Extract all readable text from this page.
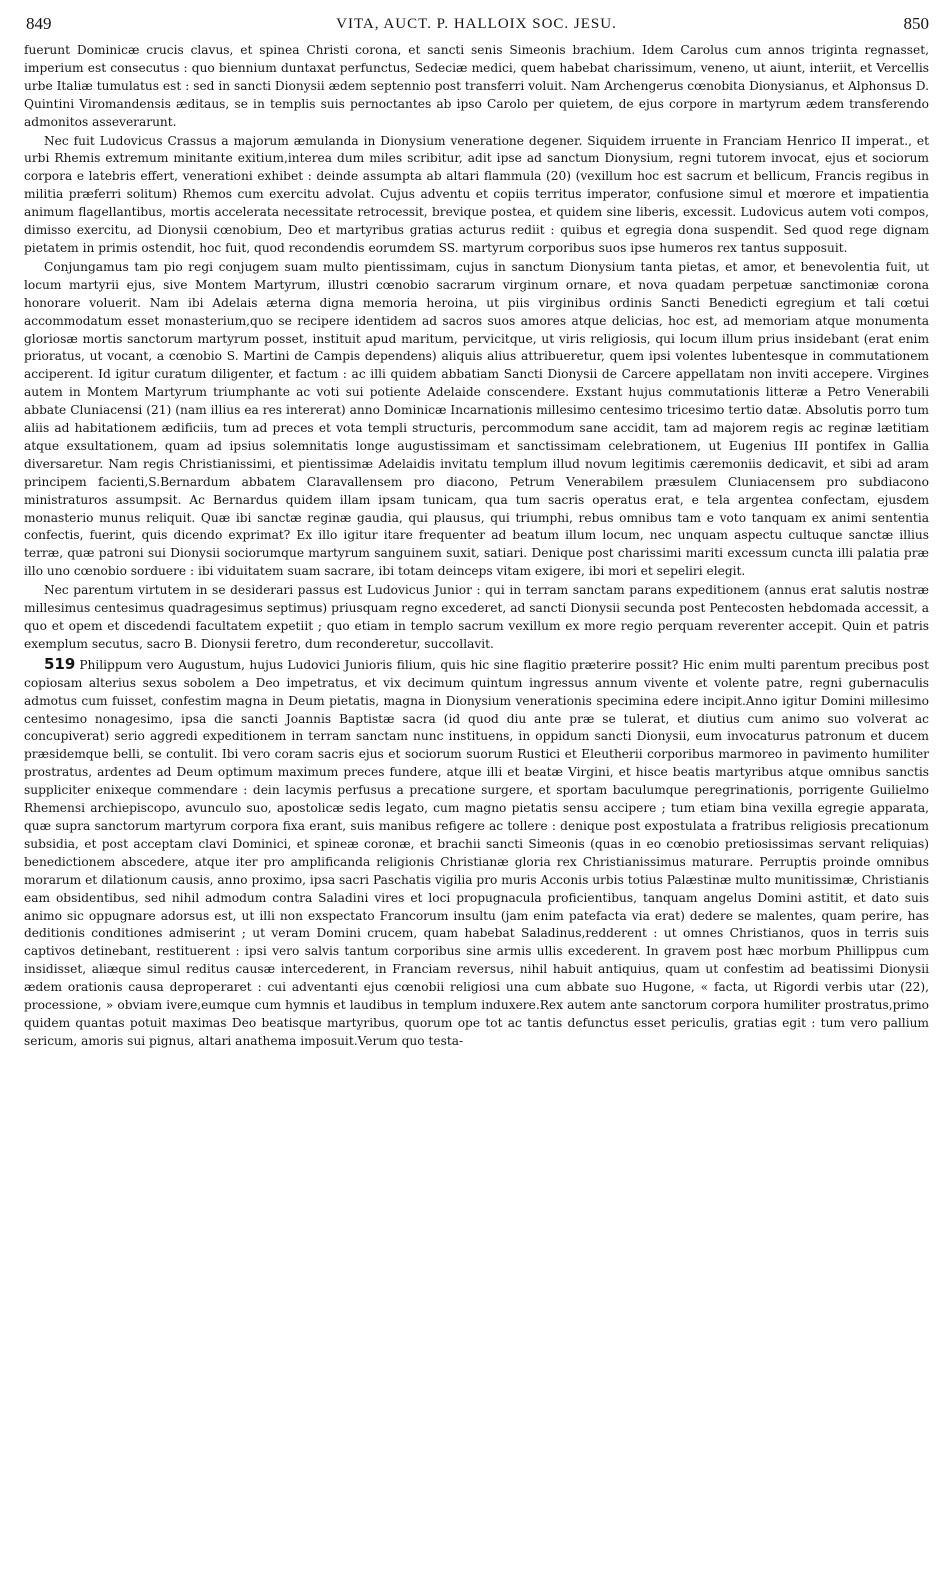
849	VITA, AUCT. P. HALLOIX SOC. JESU.	850

fuerunt Dominicæ crucis clavus, et spinea Christi corona, et sancti senis Simeonis brachium. Idem Carolus cum annos triginta regnasset, imperium est consecutus : quo biennium duntaxat perfunctus, Sedeciæ medici, quem habebat charissimum, veneno, ut aiunt, interiit, et Vercellis urbe Italiæ tumulatus est : sed in sancti Dionysii ædem septennio post transferri voluit. Nam Archengerus cœnobita Dionysianus, et Alphonsus D. Quintini Viromandensis æditaus, se in templis suis pernoctantes ab ipso Carolo per quietem, de ejus corpore in martyrum ædem transferendo admonitos asseverarunt.

Nec fuit Ludovicus Crassus a majorum æmulanda in Dionysium veneratione degener. Siquidem irruente in Franciam Henrico II imperat., et urbi Rhemis extremum minitante exitium,interea dum miles scribitur, adit ipse ad sanctum Dionysium, regni tutorem invocat, ejus et sociorum corpora e latebris effert, venerationi exhibet : deinde assumpta ab altari flammula (20) (vexillum hoc est sacrum et bellicum, Francis regibus in militia præferri solitum) Rhemos cum exercitu advolat. Cujus adventu et copiis territus imperator, confusione simul et mœrore et impatientia animum flagellantibus, mortis accelerata necessitate retrocessit, brevique postea, et quidem sine liberis, excessit. Ludovicus autem voti compos, dimisso exercitu, ad Dionysii cœnobium, Deo et martyribus gratias acturus rediit : quibus et egregia dona suspendit. Sed quod rege dignam pietatem in primis ostendit, hoc fuit, quod recondendis eorumdem SS. martyrum corporibus suos ipse humeros rex tantus supposuit.

Conjungamus tam pio regi conjugem suam multo pientissimam, cujus in sanctum Dionysium tanta pietas, et amor, et benevolentia fuit, ut locum martyrii ejus, sive Montem Martyrum, illustri cœnobio sacrarum virginum ornare, et nova quadam perpetuæ sanctimoniæ corona honorare voluerit. Nam ibi Adelais æterna digna memoria heroina, ut piis virginibus ordinis Sancti Benedicti egregium et tali cœtui accommodatum esset monasterium,quo se recipere identidem ad sacros suos amores atque delicias, hoc est, ad memoriam atque monumenta gloriosæ mortis sanctorum martyrum posset, instituit apud maritum, pervicitque, ut viris religiosis, qui locum illum prius insidebant (erat enim prioratus, ut vocant, a cœnobio S. Martini de Campis dependens) aliquis alius attribueretur, quem ipsi volentes lubentesque in commutationem acciperent. Id igitur curatum diligenter, et factum : ac illi quidem abbatiam Sancti Dionysii de Carcere appellatam non inviti accepere. Virgines autem in Montem Martyrum triumphante ac voti sui potiente Adelaide conscendere. Exstant hujus commutationis litteræ a Petro Venerabili abbate Cluniacensi (21) (nam illius ea res intererat) anno Dominicæ Incarnationis millesimo centesimo tricesimo tertio datæ. Absolutis porro tum aliis ad habitationem ædificiis, tum ad preces et vota templi structuris, percommodum sane accidit, tam ad majorem regis ac reginæ lætitiam atque exsultationem, quam ad ipsius solemnitatis longe augustissimam et sanctissimam celebrationem, ut Eugenius III pontifex in Gallia diversaretur. Nam regis Christianissimi, et pientissimæ Adelaidis invitatu templum illud novum legitimis cæremoniis dedicavit, et sibi ad aram principem facienti,S.Bernardum abbatem Claravallensem pro diacono, Petrum Venerabilem præsulem Cluniacensem pro subdiacono ministraturos assumpsit. Ac Bernardus quidem illam ipsam tunicam, qua tum sacris operatus erat, e tela argentea confectam, ejusdem monasterio munus reliquit. Quæ ibi sanctæ reginæ gaudia, qui plausus, qui triumphi, rebus omnibus tam e voto tanquam ex animi sententia confectis, fuerint, quis dicendo exprimat? Ex illo igitur itare frequenter ad beatum illum locum, nec unquam aspectu cultuque sanctæ illius terræ, quæ patroni sui Dionysii sociorumque martyrum sanguinem suxit, satiari. Denique post charissimi mariti excessum cuncta illi palatia præ illo uno cœnobio sorduere : ibi viduitatem suam sacrare, ibi totam deinceps vitam exigere, ibi mori et sepeliri elegit.

Nec parentum virtutem in se desiderari passus est Ludovicus Junior : qui in terram sanctam parans expeditionem (annus erat salutis nostræ millesimus centesimus quadragesimus septimus) priusquam regno excederet, ad sancti Dionysii secunda post Pentecosten hebdomada accessit, a quo et opem et discedendi facultatem expetiit ; quo etiam in templo sacrum vexillum ex more regio perquam reverenter accepit. Quin et patris exemplum secutus, sacro B. Dionysii feretro, dum reconderetur, succollavit.

519 Philippum vero Augustum, hujus Ludovici Junioris filium, quis hic sine flagitio præterire possit? Hic enim multi parentum precibus post copiosam alterius sexus sobolem a Deo impetratus, et vix decimum quintum ingressus annum vivente et volente patre, regni gubernaculis admotus cum fuisset, confestim magna in Deum pietatis, magna in Dionysium venerationis specimina edere incipit.Anno igitur Domini millesimo centesimo nonagesimo, ipsa die sancti Joannis Baptistæ sacra (id quod diu ante præ se tulerat, et diutius cum animo suo volverat ac concupiverat) serio aggredi expeditionem in terram sanctam nunc instituens, in oppidum sancti Dionysii, eum invocaturus patronum et ducem præsidemque belli, se contulit. Ibi vero coram sacris ejus et sociorum suorum Rustici et Eleutherii corporibus marmoreo in pavimento humiliter prostratus, ardentes ad Deum optimum maximum preces fundere, atque illi et beatæ Virgini, et hisce beatis martyribus atque omnibus sanctis suppliciter enixeque commendare : dein lacymis perfusus a precatione surgere, et sportam baculumque peregrinationis, porrigente Guilielmo Rhemensi archiepiscopo, avunculo suo, apostolicæ sedis legato, cum magno pietatis sensu accipere ; tum etiam bina vexilla egregie apparata, quæ supra sanctorum martyrum corpora fixa erant, suis manibus refigere ac tollere : denique post expostulata a fratribus religiosis precationum subsidia, et post acceptam clavi Dominici, et spineæ coronæ, et brachii sancti Simeonis (quas in eo cœnobio pretiosissimas servant reliquias) benedictionem abscedere, atque iter pro amplificanda religionis Christianæ gloria rex Christianissimus maturare. Perruptis proinde omnibus morarum et dilationum causis, anno proximo, ipsa sacri Paschatis vigilia pro muris Acconis urbis totius Palæstinæ multo munitissimæ, Christianis eam obsidentibus, sed nihil admodum contra Saladini vires et loci propugnacula proficientibus, tanquam angelus Domini astitit, et dato suis animo sic oppugnare adorsus est, ut illi non exspectato Francorum insultu (jam enim patefacta via erat) dedere se malentes, quam perire, has deditionis conditiones admiserint ; ut veram Domini crucem, quam habebat Saladinus,redderent : ut omnes Christianos, quos in terris suis captivos detinebant, restituerent : ipsi vero salvis tantum corporibus sine armis ullis excederent. In gravem post hæc morbum Phillippus cum insidisset, aliæque simul reditus causæ intercederent, in Franciam reversus, nihil habuit antiquius, quam ut confestim ad beatissimi Dionysii ædem orationis causa deproperaret : cui adventanti ejus cœnobii religiosi una cum abbate suo Hugone, « facta, ut Rigordi verbis utar (22), processione, » obviam ivere,eumque cum hymnis et laudibus in templum induxere.Rex autem ante sanctorum corpora humiliter prostratus,primo quidem quantas potuit maximas Deo beatisque martyribus, quorum ope tot ac tantis defunctus esset periculis, gratias egit : tum vero pallium sericum, amoris sui pignus, altari anathema imposuit.Verum quo testa-
